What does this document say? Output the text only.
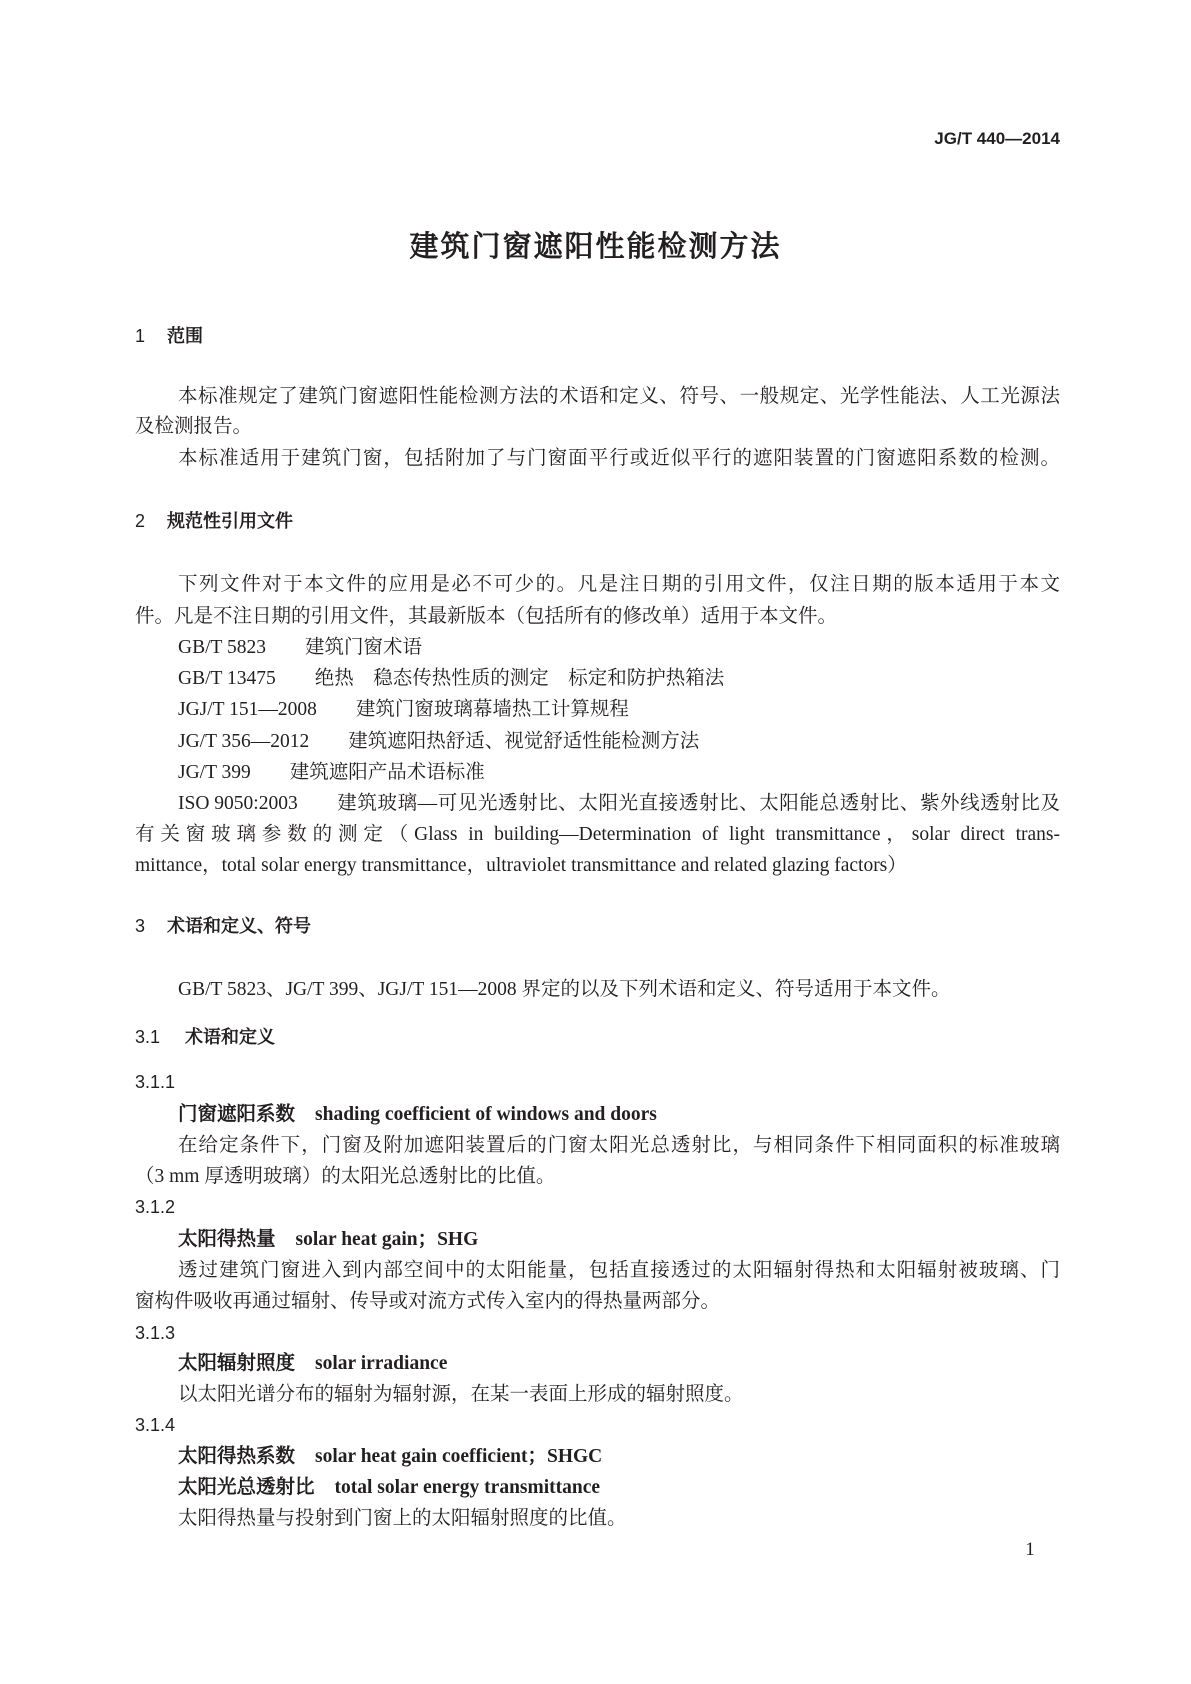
JG/T 440—2014
建筑门窗遮阳性能检测方法
1 范围
本标准规定了建筑门窗遮阳性能检测方法的术语和定义、符号、一般规定、光学性能法、人工光源法
及检测报告。
本标准适用于建筑门窗，包括附加了与门窗面平行或近似平行的遮阳装置的门窗遮阳系数的检测。
2 规范性引用文件
下列文件对于本文件的应用是必不可少的。凡是注日期的引用文件，仅注日期的版本适用于本文
件。凡是不注日期的引用文件，其最新版本（包括所有的修改单）适用于本文件。
GB/T 5823 建筑门窗术语
GB/T 13475 绝热　稳态传热性质的测定　标定和防护热箱法
JGJ/T 151—2008 建筑门窗玻璃幕墙热工计算规程
JG/T 356—2012 建筑遮阳热舒适、视觉舒适性能检测方法
JG/T 399 建筑遮阳产品术语标准
ISO 9050:2003 建筑玻璃—可见光透射比、太阳光直接透射比、太阳能总透射比、紫外线透射比及
有关窗玻璃参数的测定（Glass in building—Determination of light transmittance，solar direct trans-
mittance，total solar energy transmittance，ultraviolet transmittance and related glazing factors）
3 术语和定义、符号
GB/T 5823、JG/T 399、JGJ/T 151—2008 界定的以及下列术语和定义、符号适用于本文件。
3.1 术语和定义
3.1.1
门窗遮阳系数 shading coefficient of windows and doors
在给定条件下，门窗及附加遮阳装置后的门窗太阳光总透射比，与相同条件下相同面积的标准玻璃
（3 mm 厚透明玻璃）的太阳光总透射比的比值。
3.1.2
太阳得热量 solar heat gain；SHG
透过建筑门窗进入到内部空间中的太阳能量，包括直接透过的太阳辐射得热和太阳辐射被玻璃、门
窗构件吸收再通过辐射、传导或对流方式传入室内的得热量两部分。
3.1.3
太阳辐射照度 solar irradiance
以太阳光谱分布的辐射为辐射源，在某一表面上形成的辐射照度。
3.1.4
太阳得热系数 solar heat gain coefficient；SHGC
太阳光总透射比 total solar energy transmittance
太阳得热量与投射到门窗上的太阳辐射照度的比值。
1
